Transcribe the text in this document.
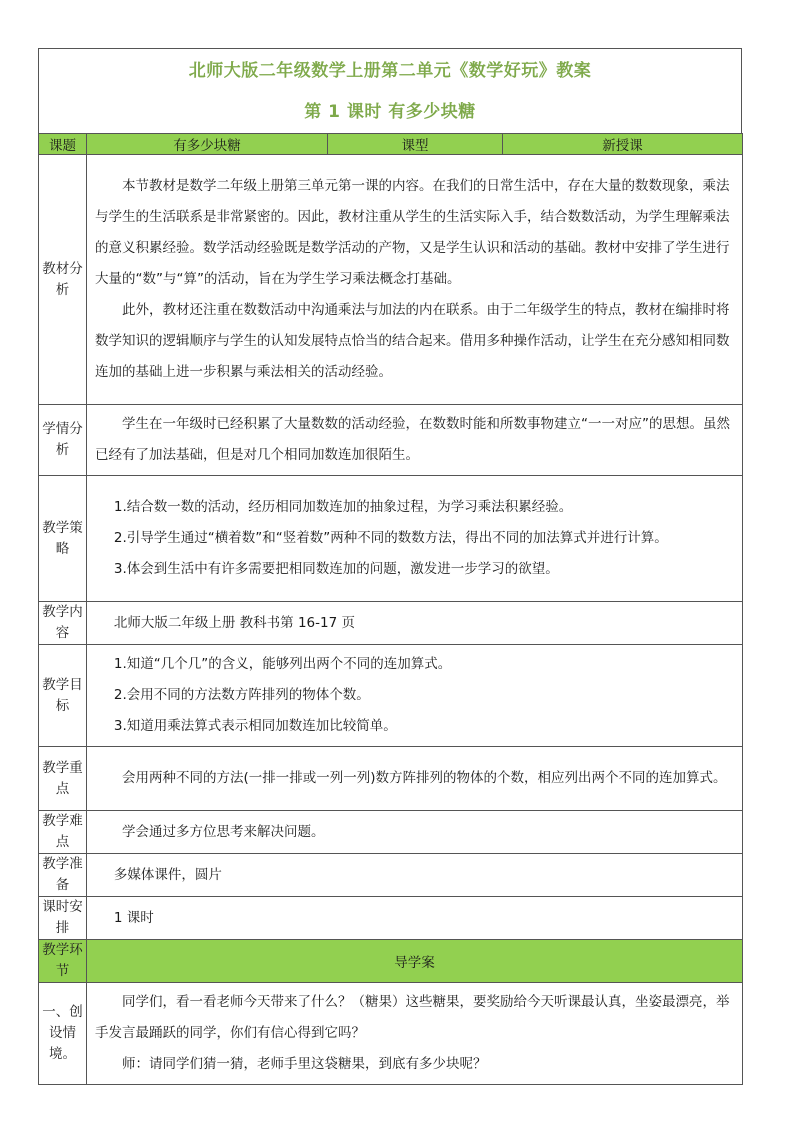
北师大版二年级数学上册第二单元《数学好玩》教案
第 1 课时 有多少块糖
课题	有多少块糖	课型	新授课
教材分析	本节教材是数学二年级上册第三单元第一课的内容。在我们的日常生活中，存在大量的数数现象，乘法与学生的生活联系是非常紧密的。因此，教材注重从学生的生活实际入手，结合数数活动，为学生理解乘法的意义积累经验。数学活动经验既是数学活动的产物，又是学生认识和活动的基础。教材中安排了学生进行大量的“数”与“算”的活动，旨在为学生学习乘法概念打基础。

此外，教材还注重在数数活动中沟通乘法与加法的内在联系。由于二年级学生的特点，教材在编排时将数学知识的逻辑顺序与学生的认知发展特点恰当的结合起来。借用多种操作活动，让学生在充分感知相同数连加的基础上进一步积累与乘法相关的活动经验。		

学情分析	学生在一年级时已经积累了大量数数的活动经验，在数数时能和所数事物建立“一一对应”的思想。虽然已经有了加法基础，但是对几个相同加数连加很陌生。		

教学策略	1.结合数一数的活动，经历相同加数连加的抽象过程，为学习乘法积累经验。

2.引导学生通过“横着数”和“竖着数”两种不同的数数方法，得出不同的加法算式并进行计算。

3.体会到生活中有许多需要把相同数连加的问题，激发进一步学习的欲望。		

教学内容	北师大版二年级上册 教科书第 16-17 页		

教学目标	1.知道“几个几”的含义，能够列出两个不同的连加算式。

2.会用不同的方法数方阵排列的物体个数。

3.知道用乘法算式表示相同加数连加比较简单。		

教学重点	会用两种不同的方法(一排一排或一列一列)数方阵排列的物体的个数，相应列出两个不同的连加算式。		

教学难点	学会通过多方位思考来解决问题。		

教学准备	多媒体课件，圆片		

课时安排	1 课时		

教学环节	导学案		
一、创设情境。	同学们，看一看老师今天带来了什么？（糖果）这些糖果，要奖励给今天听课最认真，坐姿最漂亮，举手发言最踊跃的同学，你们有信心得到它吗？

师：请同学们猜一猜，老师手里这袋糖果，到底有多少块呢？		
